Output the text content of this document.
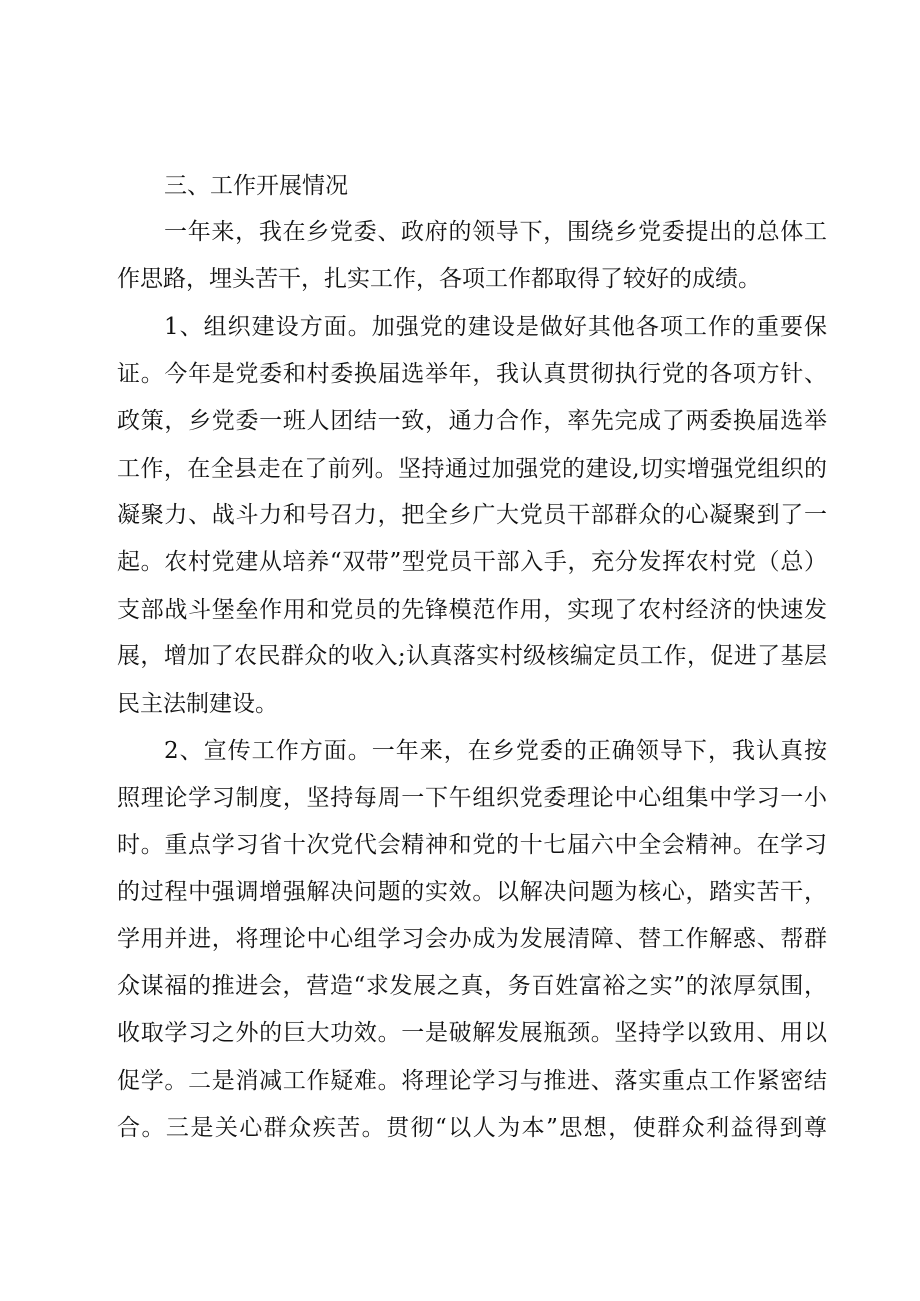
三、工作开展情况
一年来，我在乡党委、政府的领导下，围绕乡党委提出的总体工
作思路，埋头苦干，扎实工作，各项工作都取得了较好的成绩。
1、组织建设方面。加强党的建设是做好其他各项工作的重要保
证。今年是党委和村委换届选举年，我认真贯彻执行党的各项方针、
政策，乡党委一班人团结一致，通力合作，率先完成了两委换届选举
工作，在全县走在了前列。坚持通过加强党的建设,切实增强党组织的
凝聚力、战斗力和号召力，把全乡广大党员干部群众的心凝聚到了一
起。农村党建从培养“双带”型党员干部入手，充分发挥农村党（总）
支部战斗堡垒作用和党员的先锋模范作用，实现了农村经济的快速发
展，增加了农民群众的收入;认真落实村级核编定员工作，促进了基层
民主法制建设。
2、宣传工作方面。一年来，在乡党委的正确领导下，我认真按
照理论学习制度，坚持每周一下午组织党委理论中心组集中学习一小
时。重点学习省十次党代会精神和党的十七届六中全会精神。在学习
的过程中强调增强解决问题的实效。以解决问题为核心，踏实苦干，
学用并进，将理论中心组学习会办成为发展清障、替工作解惑、帮群
众谋福的推进会，营造“求发展之真，务百姓富裕之实”的浓厚氛围，
收取学习之外的巨大功效。一是破解发展瓶颈。坚持学以致用、用以
促学。二是消减工作疑难。将理论学习与推进、落实重点工作紧密结
合。三是关心群众疾苦。贯彻“以人为本”思想，使群众利益得到尊
